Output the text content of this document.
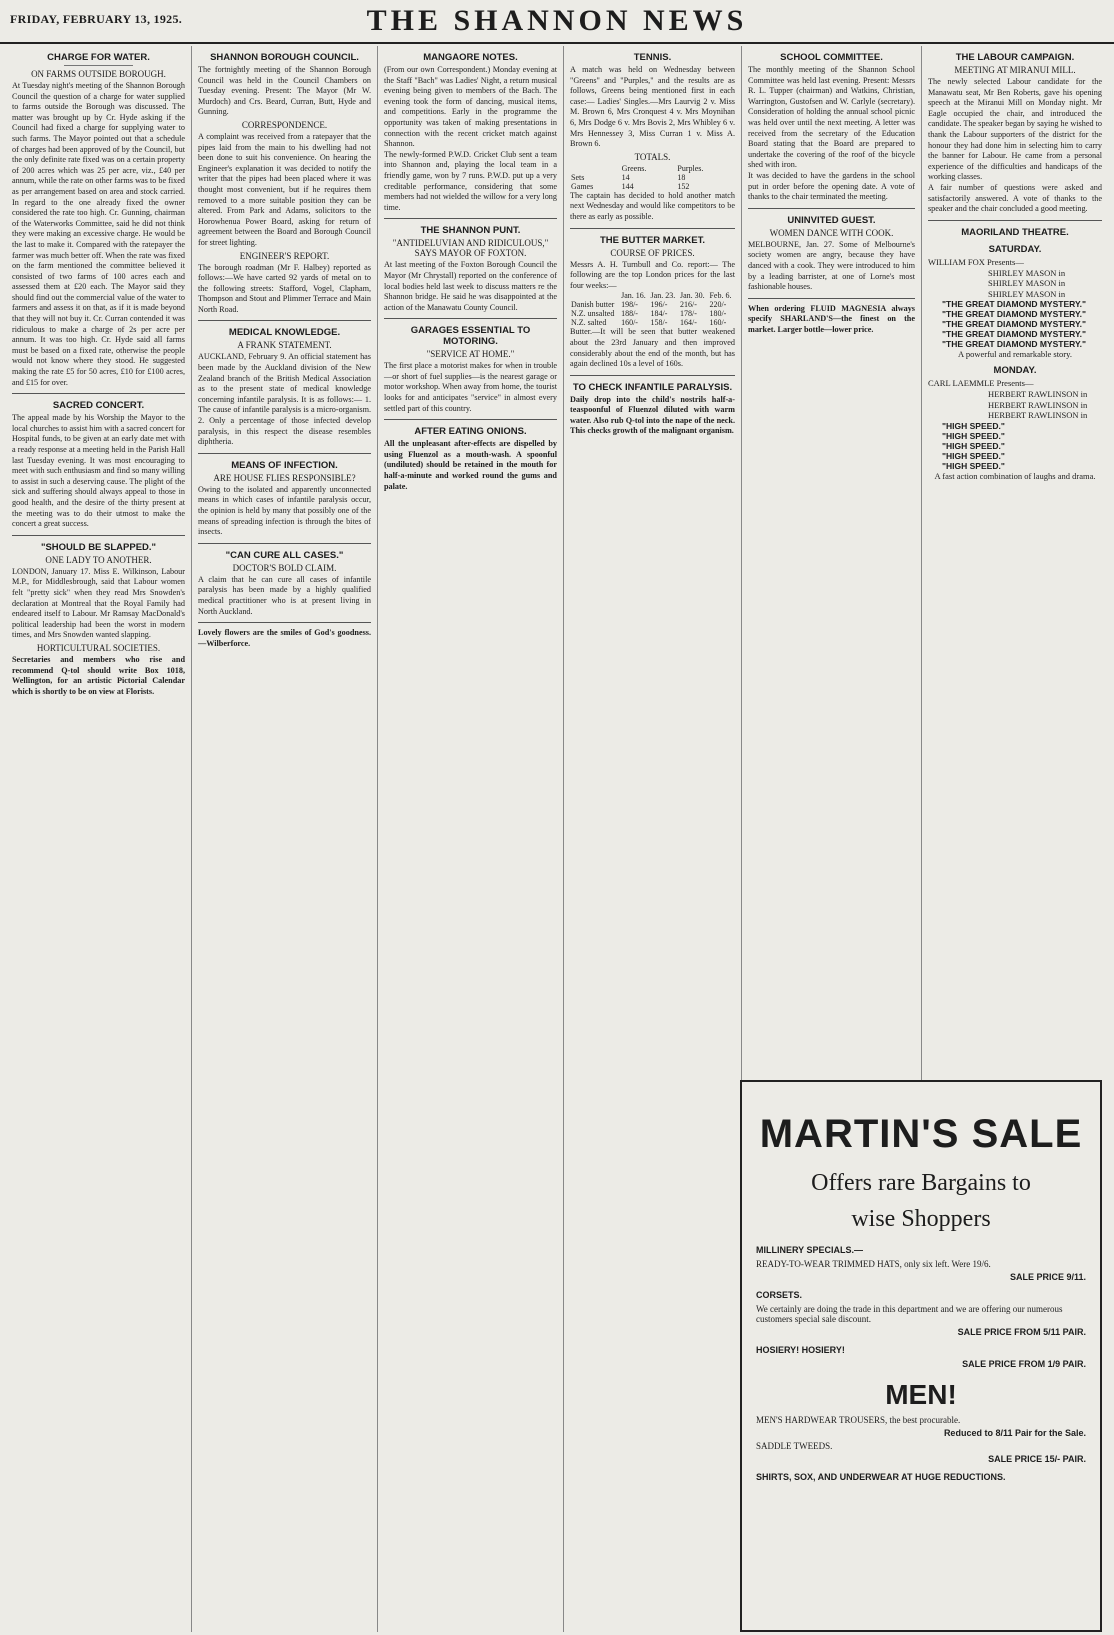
FRIDAY, FEBRUARY 13, 1925.	THE SHANNON NEWS
CHARGE FOR WATER.
ON FARMS OUTSIDE BOROUGH.

At Tuesday night's meeting of the Shannon Borough Council the question of a charge for water supplied to farms outside the Borough was discussed. The matter was brought up by Cr. Hyde asking if the Council had fixed a charge for supplying water to such farms. The Mayor pointed out that a schedule of charges had been approved of by the Council, but the only definite rate fixed was on a certain property of 200 acres which was 25 per acre, viz., £40 per annum, while the rate on other farms was to be fixed as per arrangement based on area and stock carried. In regard to the one already fixed the owner considered the rate too high. Cr. Gunning, chairman of the Waterworks Committee, said he did not think they were making an excessive charge. He would be the last to make it. Compared with the ratepayer the farmer was much better off. When the rate was fixed on the farm mentioned the committee believed it consisted of two farms of 100 acres each and assessed them at £20 each. The Mayor said they should find out the commercial value of the water to farmers and assess it on that, as if it is made beyond that they will not buy it. Cr. Curran contended it was ridiculous to make a charge of 2s per acre per annum. It was too high. Cr. Hyde said all farms must be based on a fixed rate, otherwise the people would not know where they stood. He suggested making the rate £5 for 50 acres, £10 for £100 acres, and £15 for over.

SACRED CONCERT.

The appeal made by his Worship the Mayor to the local churches to assist him with a sacred concert for Hospital funds, to be given at an early date met with a ready response at a meeting held in the Parish Hall last Tuesday evening. It was most encouraging to meet with such enthusiasm and find so many willing to assist in such a deserving cause. The plight of the sick and suffering should always appeal to those in good health, and the desire of the thirty present at the meeting was to do their utmost to make the concert a great success.

"SHOULD BE SLAPPED."
ONE LADY TO ANOTHER.

LONDON, January 17. Miss E. Wilkinson, Labour M.P., for Middlesbrough, said that Labour women felt "pretty sick" when they read Mrs Snowden's declaration at Montreal that the Royal Family had endeared itself to Labour. Mr Ramsay MacDonald's political leadership had been the worst in modern times, and Mrs Snowden wanted slapping.

HORTICULTURAL SOCIETIES.

Secretaries and members who rise and recommend Q-tol should write Box 1018, Wellington, for an artistic Pictorial Calendar which is shortly to be on view at Florists.

SHANNON BOROUGH COUNCIL.

The fortnightly meeting of the Shannon Borough Council was held in the Council Chambers on Tuesday evening. Present: The Mayor (Mr W. Murdoch) and Crs. Beard, Curran, Butt, Hyde and Gunning.

CORRESPONDENCE.

A complaint was received from a ratepayer that the pipes laid from the main to his dwelling had not been done to suit his convenience. On hearing the Engineer's explanation it was decided to notify the writer that the pipes had been placed where it was thought most convenient, but if he requires them removed to a more suitable position they can be altered. From Park and Adams, solicitors to the Horowhenua Power Board, asking for return of agreement between the Board and Borough Council for street lighting.

ENGINEER'S REPORT.

The borough roadman (Mr F. Halbey) reported as follows:—We have carted 92 yards of metal on to the following streets: Stafford, Vogel, Clapham, Thompson and Stout and Plimmer Terrace and Main North Road.

MEDICAL KNOWLEDGE.
A FRANK STATEMENT.

AUCKLAND, February 9. An official statement has been made by the Auckland division of the New Zealand branch of the British Medical Association as to the present state of medical knowledge concerning infantile paralysis. It is as follows:— 1. The cause of infantile paralysis is a micro-organism. 2. Only a percentage of those infected develop paralysis, in this respect the disease resembles diphtheria.

MEANS OF INFECTION.
ARE HOUSE FLIES RESPONSIBLE?

Owing to the isolated and apparently unconnected means in which cases of infantile paralysis occur, the opinion is held by many that possibly one of the means of spreading infection is through the bites of insects.

"CAN CURE ALL CASES."
DOCTOR'S BOLD CLAIM.

A claim that he can cure all cases of infantile paralysis has been made by a highly qualified medical practitioner who is at present living in North Auckland.

Lovely flowers are the smiles of God's goodness.—Wilberforce.

MANGAORE NOTES.

(From our own Correspondent.) Monday evening at the Staff "Bach" was Ladies' Night, a return musical evening being given to members of the Bach. The evening took the form of dancing, musical items, and competitions. Early in the programme the opportunity was taken of making presentations in connection with the recent cricket match against Shannon.

The newly-formed P.W.D. Cricket Club sent a team into Shannon and, playing the local team in a friendly game, won by 7 runs. P.W.D. put up a very creditable performance, considering that some members had not wielded the willow for a very long time.

THE SHANNON PUNT.
"ANTIDELUVIAN AND RIDICULOUS," SAYS MAYOR OF FOXTON.

At last meeting of the Foxton Borough Council the Mayor (Mr Chrystall) reported on the conference of local bodies held last week to discuss matters re the Shannon bridge. He said he was disappointed at the action of the Manawatu County Council.

GARAGES ESSENTIAL TO MOTORING.
"SERVICE AT HOME."

The first place a motorist makes for when in trouble—or short of fuel supplies—is the nearest garage or motor workshop. When away from home, the tourist looks for and anticipates "service" in almost every settled part of this country.

AFTER EATING ONIONS.

All the unpleasant after-effects are dispelled by using Fluenzol as a mouth-wash. A spoonful (undiluted) should be retained in the mouth for half-a-minute and worked round the gums and palate.

TENNIS.

A match was held on Wednesday between "Greens" and "Purples," and the results are as follows, Greens being mentioned first in each case:— Ladies' Singles.—Mrs Laurvig 2 v. Miss M. Brown 6, Mrs Cronquest 4 v. Mrs Moynihan 6, Mrs Dodge 6 v. Mrs Bovis 2, Mrs Whibley 6 v. Mrs Hennessey 3, Miss Curran 1 v. Miss A. Brown 6.

TOTALS.
	Greens.	Purples.
Sets	14	18
Games	144	152

The captain has decided to hold another match next Wednesday and would like competitors to be there as early as possible.

THE BUTTER MARKET.
COURSE OF PRICES.

Messrs A. H. Turnbull and Co. report:— The following are the top London prices for the last four weeks:—

	Jan. 16.	Jan. 23.	Jan. 30.	Feb. 6.
Danish butter	198/-	196/-	216/-	220/-
N.Z. unsalted	188/-	184/-	178/-	180/-
N.Z. salted	160/-	158/-	164/-	160/-

Butter.—It will be seen that butter weakened about the 23rd January and then improved considerably about the end of the month, but has again declined 10s a level of 160s.

TO CHECK INFANTILE PARALYSIS.

Daily drop into the child's nostrils half-a-teaspoonful of Fluenzol diluted with warm water. Also rub Q-tol into the nape of the neck. This checks growth of the malignant organism.

SCHOOL COMMITTEE.

The monthly meeting of the Shannon School Committee was held last evening. Present: Messrs R. L. Tupper (chairman) and Watkins, Christian, Warrington, Gustofsen and W. Carlyle (secretary). Consideration of holding the annual school picnic was held over until the next meeting. A letter was received from the secretary of the Education Board stating that the Board are prepared to undertake the covering of the roof of the bicycle shed with iron.

It was decided to have the gardens in the school put in order before the opening date. A vote of thanks to the chair terminated the meeting.

UNINVITED GUEST.
WOMEN DANCE WITH COOK.

MELBOURNE, Jan. 27. Some of Melbourne's society women are angry, because they have danced with a cook. They were introduced to him by a leading barrister, at one of Lorne's most fashionable houses.

When ordering FLUID MAGNESIA always specify SHARLAND'S—the finest on the market. Larger bottle—lower price.

THE LABOUR CAMPAIGN.
MEETING AT MIRANUI MILL.

The newly selected Labour candidate for the Manawatu seat, Mr Ben Roberts, gave his opening speech at the Miranui Mill on Monday night. Mr Eagle occupied the chair, and introduced the candidate. The speaker began by saying he wished to thank the Labour supporters of the district for the honour they had done him in selecting him to carry the banner for Labour. He came from a personal experience of the difficulties and handicaps of the working classes.

A fair number of questions were asked and satisfactorily answered. A vote of thanks to the speaker and the chair concluded a good meeting.

MAORILAND THEATRE.
SATURDAY.
WILLIAM FOX Presents—
SHIRLEY MASON in
SHIRLEY MASON in
SHIRLEY MASON in
"THE GREAT DIAMOND MYSTERY."
"THE GREAT DIAMOND MYSTERY."
"THE GREAT DIAMOND MYSTERY."
"THE GREAT DIAMOND MYSTERY."
"THE GREAT DIAMOND MYSTERY."
A powerful and remarkable story.
MONDAY.
CARL LAEMMLE Presents—
HERBERT RAWLINSON in
HERBERT RAWLINSON in
HERBERT RAWLINSON in
"HIGH SPEED."
"HIGH SPEED."
"HIGH SPEED."
"HIGH SPEED."
"HIGH SPEED."
A fast action combination of laughs and drama.
MARTIN'S SALE
Offers rare Bargains to
wise Shoppers
MILLINERY SPECIALS.—
READY-TO-WEAR TRIMMED HATS, only six left. Were 19/6.
SALE PRICE 9/11.
CORSETS.
We certainly are doing the trade in this department and we are offering our numerous customers special sale discount.
SALE PRICE FROM 5/11 PAIR.
HOSIERY! HOSIERY!
SALE PRICE FROM 1/9 PAIR.
MEN!
MEN'S HARDWEAR TROUSERS, the best procurable.
Reduced to 8/11 Pair for the Sale.
SADDLE TWEEDS.
SALE PRICE 15/- PAIR.
SHIRTS, SOX, AND UNDERWEAR AT HUGE REDUCTIONS.
